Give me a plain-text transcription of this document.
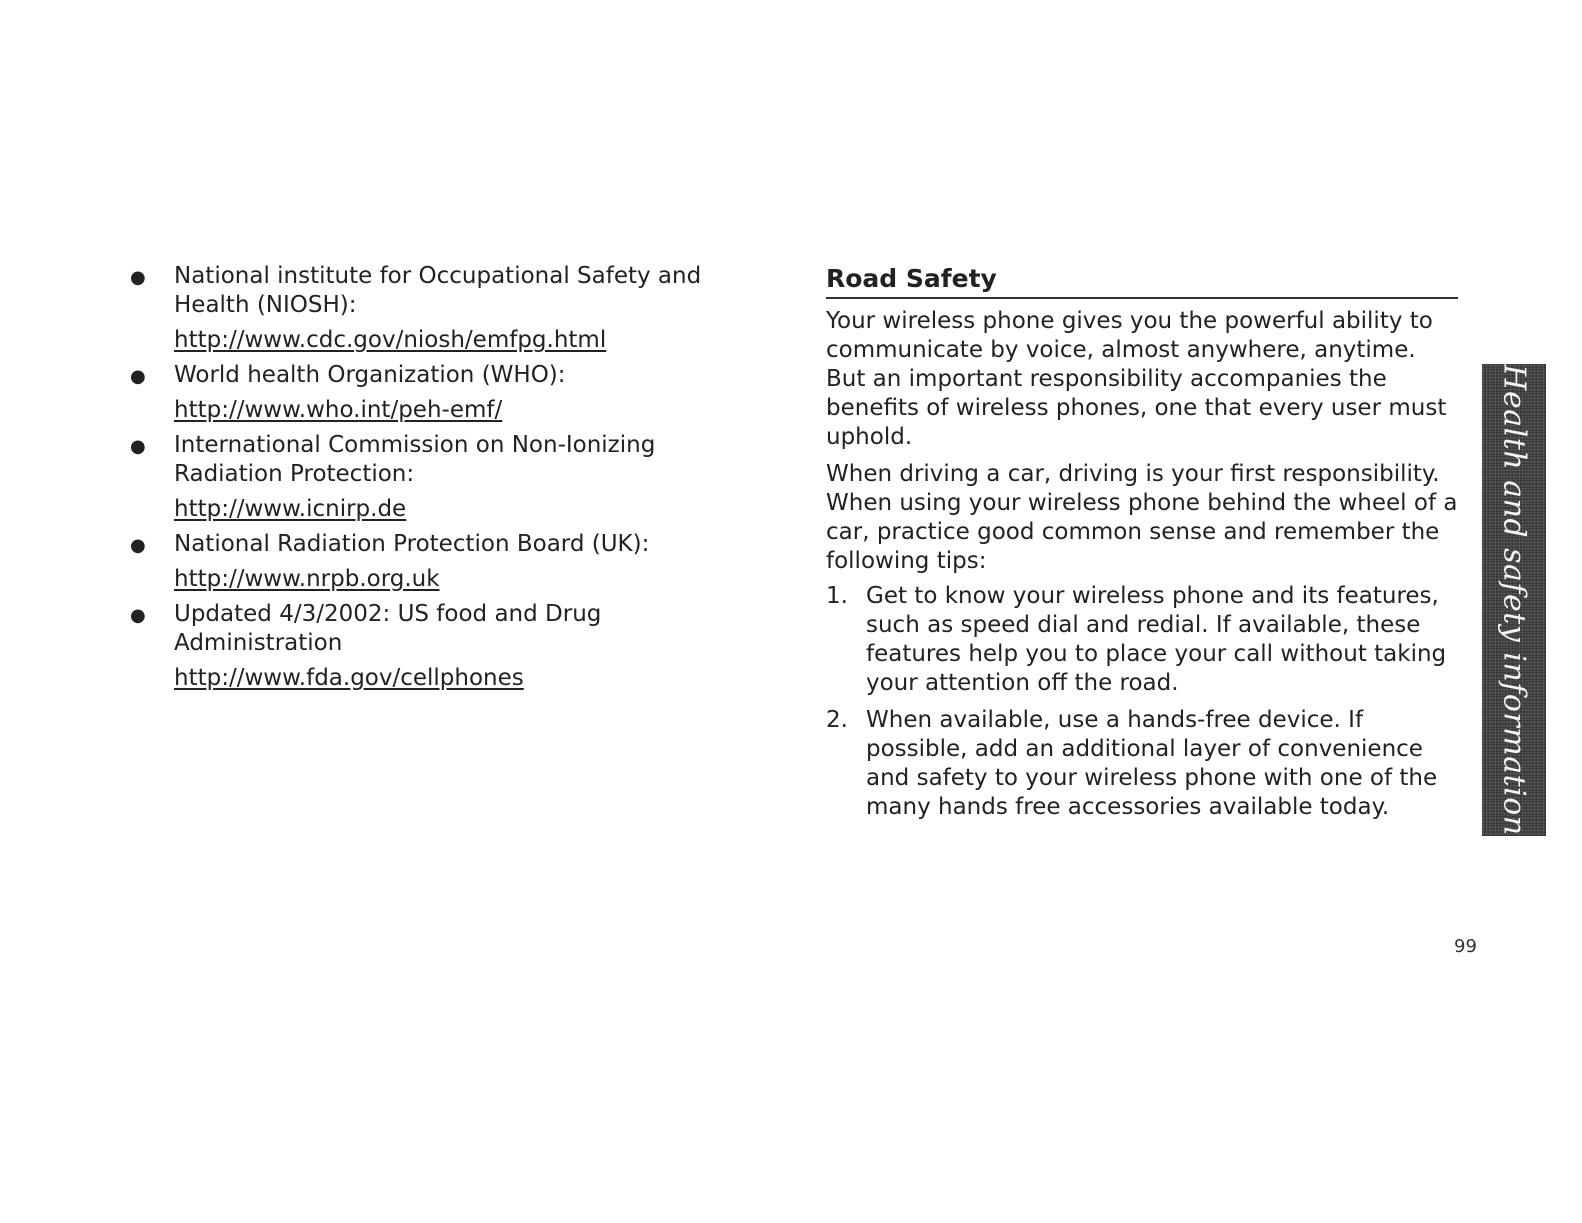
● National institute for Occupational Safety and Health (NIOSH):
http://www.cdc.gov/niosh/emfpg.html
● World health Organization (WHO):
http://www.who.int/peh-emf/
● International Commission on Non-Ionizing Radiation Protection:
http://www.icnirp.de
● National Radiation Protection Board (UK):
http://www.nrpb.org.uk
● Updated 4/3/2002: US food and Drug Administration
http://www.fda.gov/cellphones
Road Safety

Your wireless phone gives you the powerful ability to communicate by voice, almost anywhere, anytime. But an important responsibility accompanies the benefits of wireless phones, one that every user must uphold.

When driving a car, driving is your first responsibility. When using your wireless phone behind the wheel of a car, practice good common sense and remember the following tips:

1. Get to know your wireless phone and its features, such as speed dial and redial. If available, these features help you to place your call without taking your attention off the road.
2. When available, use a hands-free device. If possible, add an additional layer of convenience and safety to your wireless phone with one of the many hands free accessories available today.	Health and safety information
99
